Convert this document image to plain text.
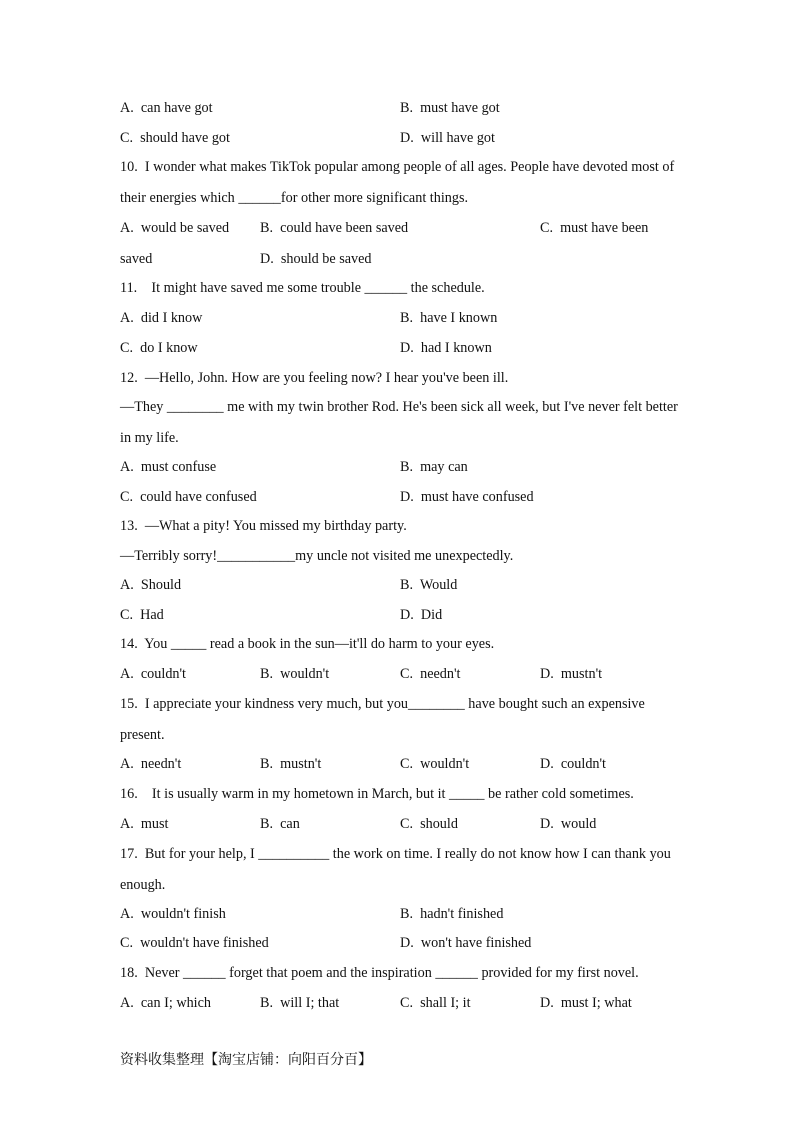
A.  can have got	B.  must have got
C.  should have got	D.  will have got
10.  I wonder what makes TikTok popular among people of all ages. People have devoted most of
their energies which ______for other more significant things.
A.  would be saved B.  could have been saved	C.  must have been
saved	D.  should be saved
11.    It might have saved me some trouble ______ the schedule.
A.  did I know	B.  have I known
C.  do I know	D.  had I known
12.  —Hello, John. How are you feeling now? I hear you've been ill.
—They ________ me with my twin brother Rod. He's been sick all week, but I've never felt better
in my life.
A.  must confuse	B.  may can
C.  could have confused	D.  must have confused
13.  —What a pity! You missed my birthday party.
—Terribly sorry!___________my uncle not visited me unexpectedly.
A.  Should	B.  Would
C.  Had	D.  Did
14.  You _____ read a book in the sun—it'll do harm to your eyes.
A.  couldn't	B.  wouldn't	C.  needn't	D.  mustn't
15.  I appreciate your kindness very much, but you________ have bought such an expensive
present.
A.  needn't	B.  mustn't	C.  wouldn't	D.  couldn't
16.    It is usually warm in my hometown in March, but it _____ be rather cold sometimes.
A.  must	B.  can	C.  should	D.  would
17.  But for your help, I __________ the work on time. I really do not know how I can thank you
enough.
A.  wouldn't finish	B.  hadn't finished
C.  wouldn't have finished	D.  won't have finished
18.  Never ______ forget that poem and the inspiration ______ provided for my first novel.
A.  can I; which	B.  will I; that	C.  shall I; it	D.  must I; what
资料收集整理【淘宝店铺：向阳百分百】
